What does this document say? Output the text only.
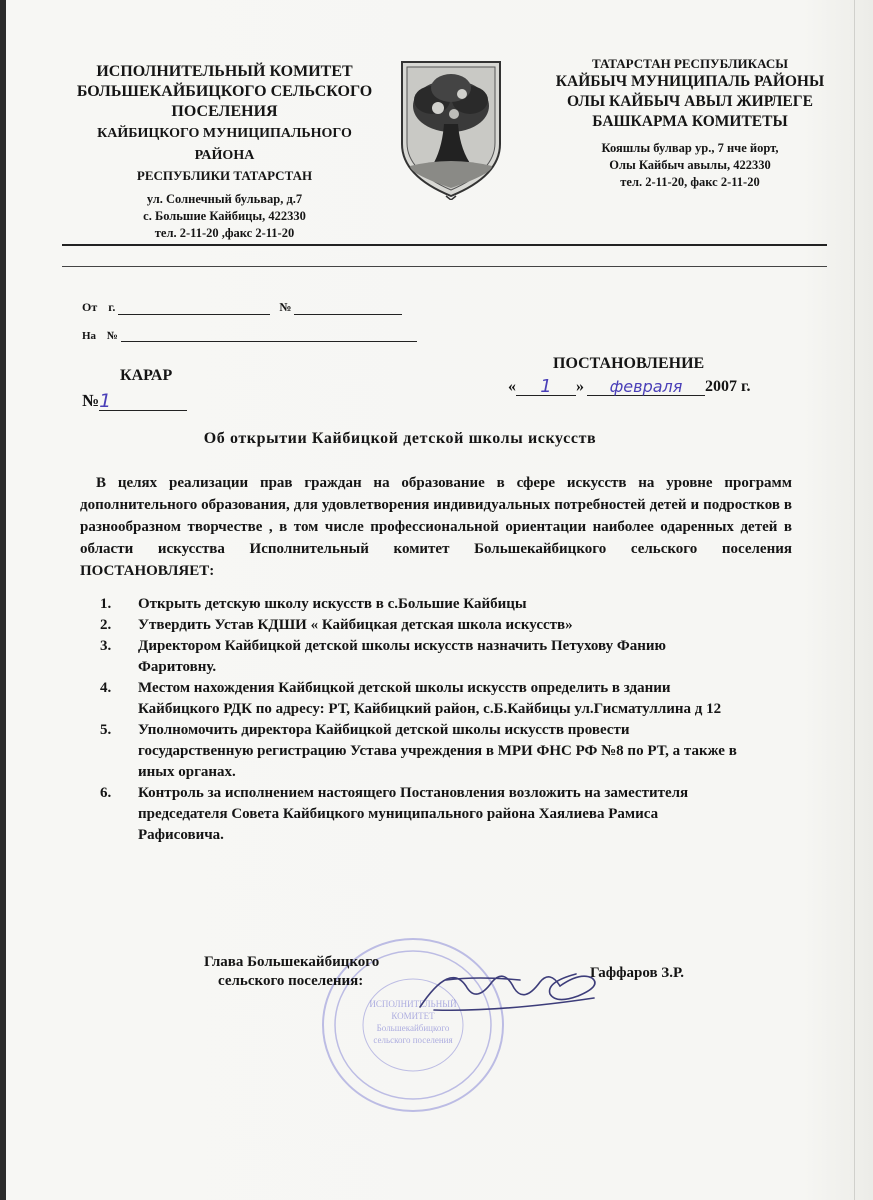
ИСПОЛНИТЕЛЬНЫЙ КОМИТЕТ
БОЛЬШЕКАЙБИЦКОГО СЕЛЬСКОГО
ПОСЕЛЕНИЯ
КАЙБИЦКОГО МУНИЦИПАЛЬНОГО
РАЙОНА
РЕСПУБЛИКИ ТАТАРСТАН
ул. Солнечный бульвар, д.7
с. Большие Кайбицы, 422330
тел. 2-11-20 ,факс 2-11-20
ТАТАРСТАН РЕСПУБЛИКАСЫ
КАЙБЫЧ МУНИЦИПАЛЬ РАЙОНЫ
ОЛЫ КАЙБЫЧ АВЫЛ ЖИРЛЕГЕ
БАШКАРМА КОМИТЕТЫ
Кояшлы булвар ур., 7 нче йорт,
Олы Кайбыч авылы, 422330
тел. 2-11-20, факс 2-11-20
От г.	№
На №
КАРАР
№1
ПОСТАНОВЛЕНИЕ
« 1 » февраля 2007 г.
Об открытии Кайбицкой детской школы искусств
В целях реализации прав граждан на образование в сфере искусств на уровне программ дополнительного образования, для удовлетворения индивидуальных потребностей детей и подростков в разнообразном творчестве , в том числе профессиональной ориентации наиболее одаренных детей в области искусства Исполнительный комитет Большекайбицкого сельского поселения ПОСТАНОВЛЯЕТ:
1.	Открыть детскую школу искусств в с.Большие Кайбицы
2.	Утвердить Устав КДШИ « Кайбицкая детская школа искусств»
3.	Директором Кайбицкой детской школы искусств назначить Петухову Фанию Фаритовну.
4.	Местом нахождения Кайбицкой детской школы искусств определить в здании Кайбицкого РДК по адресу: РТ, Кайбицкий район, с.Б.Кайбицы ул.Гисматуллина д 12
5.	Уполномочить директора Кайбицкой детской школы искусств провести государственную регистрацию Устава учреждения в МРИ ФНС РФ №8 по РТ, а также в иных органах.
6.	Контроль за исполнением настоящего Постановления возложить на заместителя председателя Совета Кайбицкого муниципального района Хаялиева Рамиса Рафисовича.
ИСПОЛНИТЕЛЬНЫЙ
КОМИТЕТ
Большекайбицкого
сельского поселения
Глава Большекайбицкого
сельского поселения:	Гаффаров З.Р.
